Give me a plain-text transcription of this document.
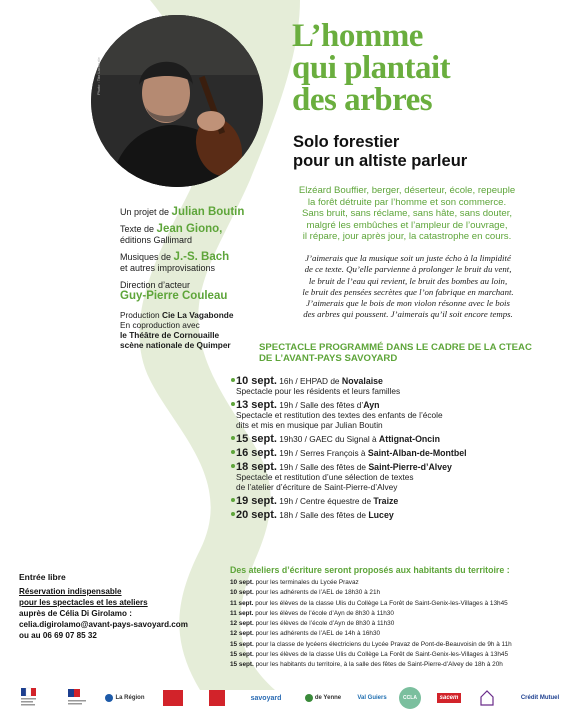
Photo : Tito Lacroutte
L’homme
qui plantait
des arbres
Solo forestier
pour un altiste parleur
Elzéard Bouffier, berger, déserteur, école, repeuple
la forêt détruite par l’homme et son commerce.
Sans bruit, sans réclame, sans hâte, sans douter,
malgré les embûches et l’ampleur de l’ouvrage,
il répare, jour après jour, la catastrophe en cours.
J’aimerais que la musique soit un juste écho à la limpidité
de ce texte. Qu’elle parvienne à prolonger le bruit du vent,
le bruit de l’eau qui revient, le bruit des bombes au loin,
le bruit des pensées secrètes que l’on fabrique en marchant.
J’aimerais que le bois de mon violon résonne avec le bois
des arbres qui poussent. J’aimerais qu’il soit encore temps.
Un projet de Julian Boutin
Texte de Jean Giono,
éditions Gallimard
Musiques de J.-S. Bach
et autres improvisations
Direction d’acteur
Guy-Pierre Couleau
Production Cie La Vagabonde
En coproduction avec
le Théâtre de Cornouaille
scène nationale de Quimper	SPECTACLE PROGRAMMÉ DANS LE CADRE DE LA CTEAC
DE L’AVANT-PAYS SAVOYARD
10 sept. 16h / EHPAD de Novalaise
Spectacle pour les résidents et leurs familles
13 sept. 19h / Salle des fêtes d’Ayn
Spectacle et restitution des textes des enfants de l’école
dits et mis en musique par Julian Boutin
15 sept. 19h30 / GAEC du Signal à Attignat-Oncin
16 sept. 19h / Serres François à Saint-Alban-de-Montbel
18 sept. 19h / Salle des fêtes de Saint-Pierre-d’Alvey
Spectacle et restitution d’une sélection de textes
de l’atelier d’écriture de Saint-Pierre-d’Alvey
19 sept. 19h / Centre équestre de Traize
20 sept. 18h / Salle des fêtes de Lucey
Des ateliers d’écriture seront proposés aux habitants du territoire :
10 sept. pour les terminales du Lycée Pravaz
10 sept. pour les adhérents de l’AEL de 18h30 à 21h
11 sept. pour les élèves de la classe Ulis du Collège La Forêt de Saint-Genix-les-Villages à 13h45
11 sept. pour les élèves de l’école d’Ayn de 8h30 à 11h30
12 sept. pour les élèves de l’école d’Ayn de 8h30 à 11h30
12 sept. pour les adhérents de l’AEL de 14h à 16h30
15 sept. pour la classe de lycéens électriciens du Lycée Pravaz de Pont-de-Beauvoisin de 9h à 11h
15 sept. pour les élèves de la classe Ulis du Collège La Forêt de Saint-Genix-les-Villages à 13h45
15 sept. pour les habitants du territoire, à la salle des fêtes de Saint-Pierre-d’Alvey de 18h à 20h
Entrée libre
Réservation indispensable
pour les spectacles et les ateliers
auprès de Célia Di Girolamo :
celia.digirolamo@avant-pays-savoyard.com
ou au 06 69 07 85 32
La Région	savoyard	de Yenne	Val Guiers	CCLA	sacem	Crédit Mutuel
